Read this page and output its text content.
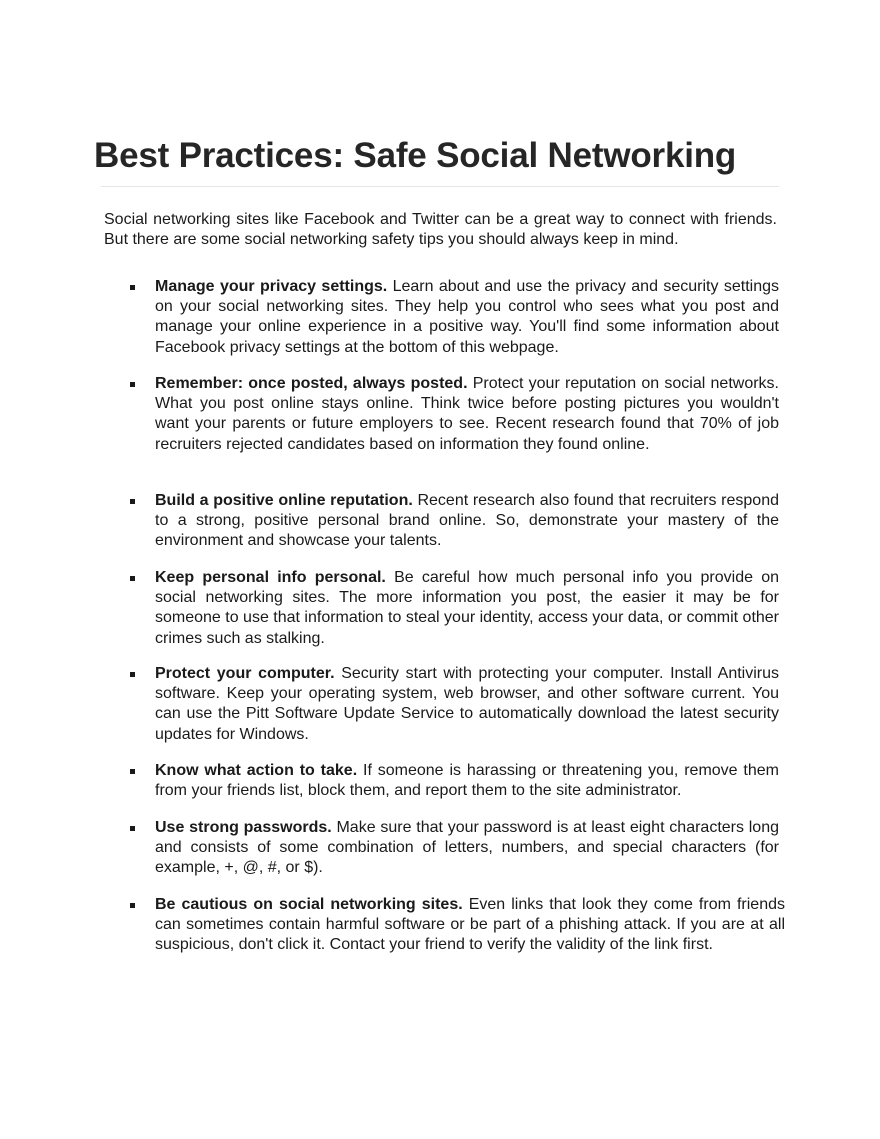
Best Practices: Safe Social Networking

Social networking sites like Facebook and Twitter can be a great way to connect with friends. But there are some social networking safety tips you should always keep in mind.

Manage your privacy settings. Learn about and use the privacy and security settings on your social networking sites. They help you control who sees what you post and manage your online experience in a positive way. You'll find some information about Facebook privacy settings at the bottom of this webpage.
Remember: once posted, always posted. Protect your reputation on social networks. What you post online stays online. Think twice before posting pictures you wouldn't want your parents or future employers to see. Recent research found that 70% of job recruiters rejected candidates based on information they found online.
Build a positive online reputation. Recent research also found that recruiters respond to a strong, positive personal brand online. So, demonstrate your mastery of the environment and showcase your talents.
Keep personal info personal. Be careful how much personal info you provide on social networking sites. The more information you post, the easier it may be for someone to use that information to steal your identity, access your data, or commit other crimes such as stalking.
Protect your computer. Security start with protecting your computer. Install Antivirus software. Keep your operating system, web browser, and other software current. You can use the Pitt Software Update Service to automatically download the latest security updates for Windows.
Know what action to take. If someone is harassing or threatening you, remove them from your friends list, block them, and report them to the site administrator.
Use strong passwords. Make sure that your password is at least eight characters long and consists of some combination of letters, numbers, and special characters (for example, +, @, #, or $).
Be cautious on social networking sites. Even links that look they come from friends can sometimes contain harmful software or be part of a phishing attack. If you are at all suspicious, don't click it. Contact your friend to verify the validity of the link first.
